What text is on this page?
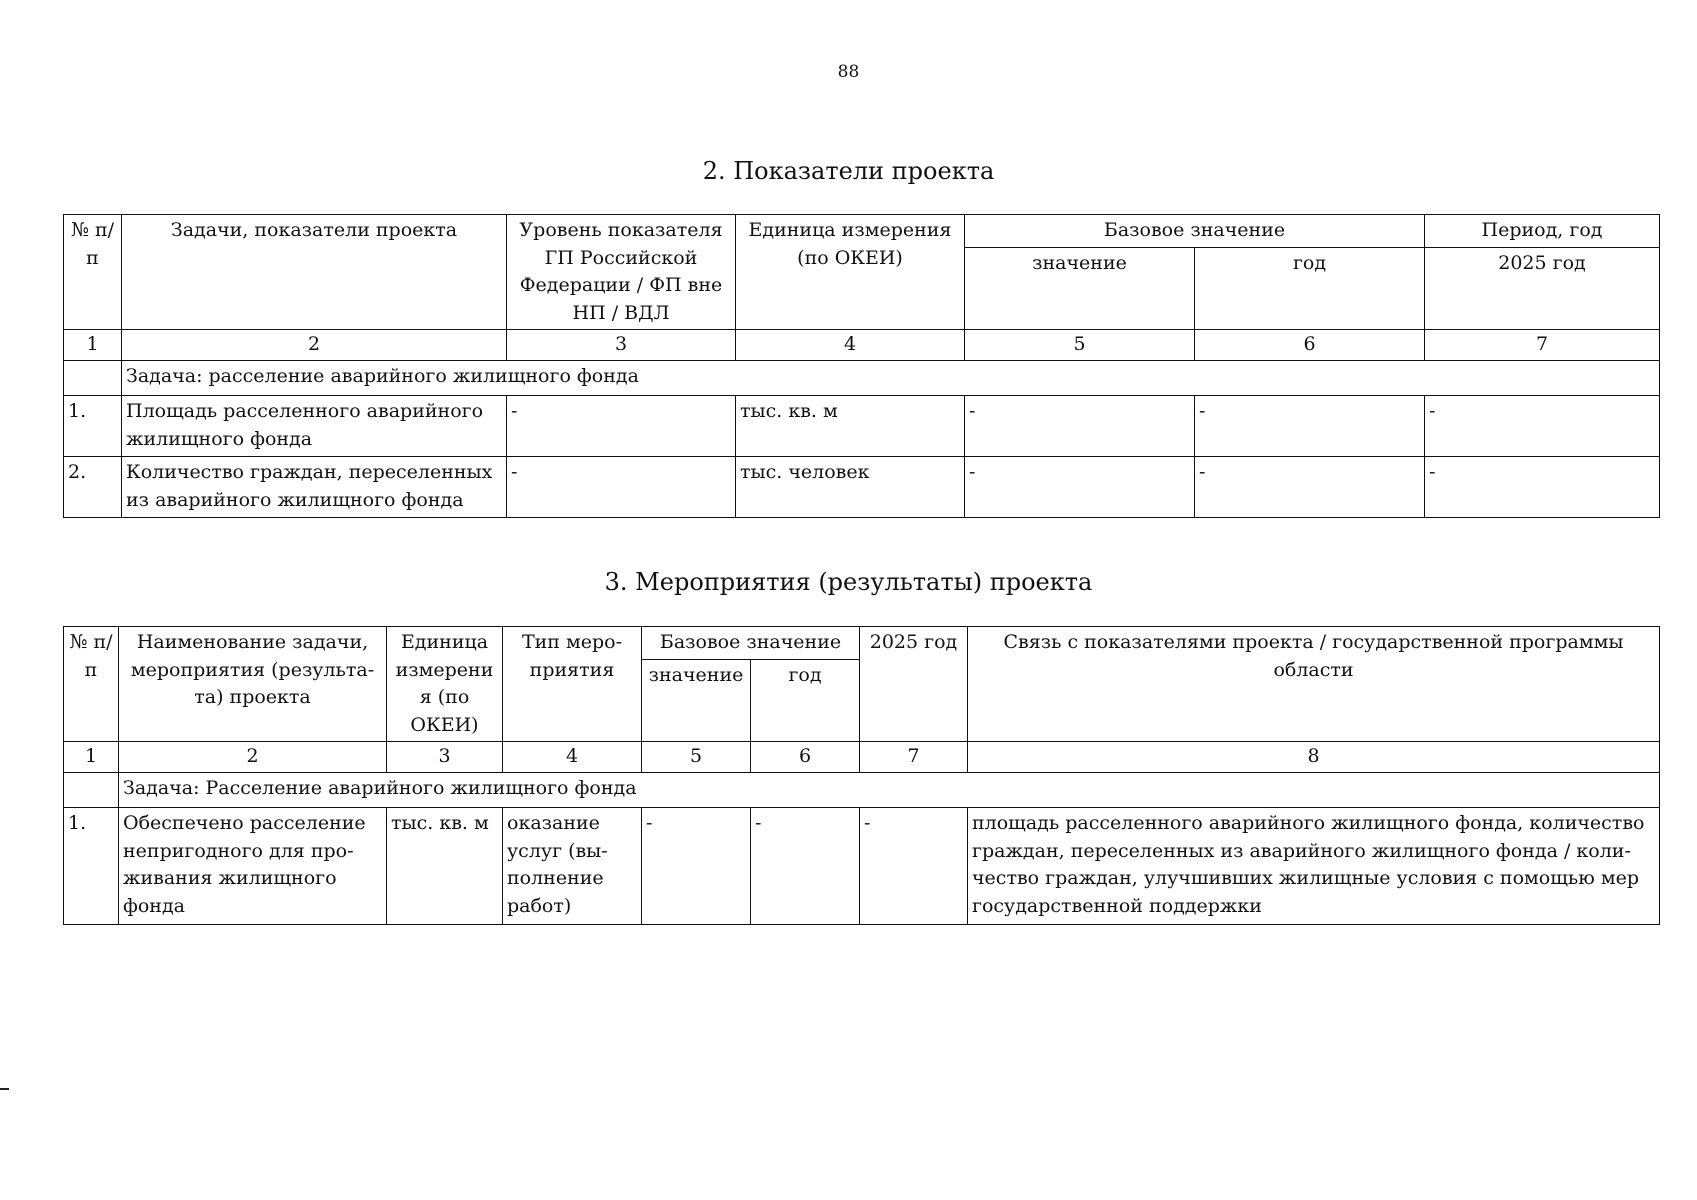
88
2. Показатели проекта
№ п/п	Задачи, показатели проекта	Уровень показателя ГП Российской Федерации / ФП вне НП / ВДЛ	Единица измерения (по ОКЕИ)	Базовое значение		Период, год
				значение	год	2025 год
1	2	3	4	5	6	7
	Задача: расселение аварийного жилищного фонда					
1.	Площадь расселенного аварийного жилищного фонда	-	тыс. кв. м	-	-	-
2.	Количество граждан, переселенных из аварийного жилищного фонда	-	тыс. человек	-	-	-
3. Мероприятия (результаты) проекта
№ п/п	Наименование задачи, мероприятия (результа-та) проекта	Единица измерения (по ОКЕИ)	Тип меро-приятия	Базовое значение		2025 год	Связь с показателями проекта / государственной программы области
				значение	год		
1	2	3	4	5	6	7	8
	Задача: Расселение аварийного жилищного фонда						
1.	Обеспечено расселение непригодного для про-живания жилищного фонда	тыс. кв. м	оказание услуг (вы-полнение работ)	-	-	-	площадь расселенного аварийного жилищного фонда, количество граждан, переселенных из аварийного жилищного фонда / коли-чество граждан, улучшивших жилищные условия с помощью мер государственной поддержки
